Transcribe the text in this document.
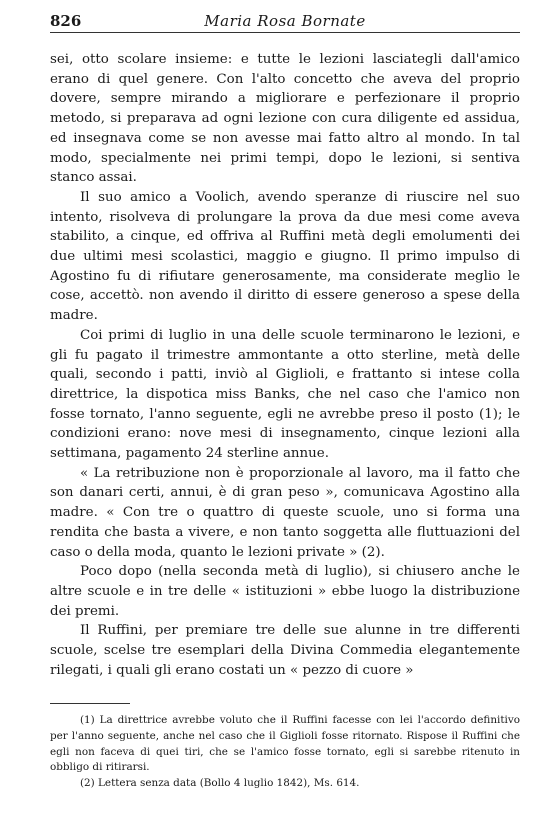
826	Maria Rosa Bornate

sei, otto scolare insieme: e tutte le lezioni lasciategli dall'amico erano di quel genere. Con l'alto concetto che aveva del proprio dovere, sempre mirando a migliorare e perfezionare il proprio metodo, si preparava ad ogni lezione con cura diligente ed assidua, ed insegnava come se non avesse mai fatto altro al mondo. In tal modo, specialmente nei primi tempi, dopo le lezioni, si sentiva stanco assai.

Il suo amico a Voolich, avendo speranze di riuscire nel suo intento, risolveva di prolungare la prova da due mesi come aveva stabilito, a cinque, ed offriva al Ruffini metà degli emolumenti dei due ultimi mesi scolastici, maggio e giugno. Il primo impulso di Agostino fu di rifiutare generosamente, ma considerate meglio le cose, accettò. non avendo il diritto di essere generoso a spese della madre.

Coi primi di luglio in una delle scuole terminarono le lezioni, e gli fu pagato il trimestre ammontante a otto sterline, metà delle quali, secondo i patti, inviò al Giglioli, e frattanto si intese colla direttrice, la dispotica miss Banks, che nel caso che l'amico non fosse tornato, l'anno seguente, egli ne avrebbe preso il posto (1); le condizioni erano: nove mesi di insegnamento, cinque lezioni alla settimana, pagamento 24 sterline annue.

« La retribuzione non è proporzionale al lavoro, ma il fatto che son danari certi, annui, è di gran peso », comunicava Agostino alla madre. « Con tre o quattro di queste scuole, uno si forma una rendita che basta a vivere, e non tanto soggetta alle fluttuazioni del caso o della moda, quanto le lezioni private » (2).

Poco dopo (nella seconda metà di luglio), si chiusero anche le altre scuole e in tre delle « istituzioni » ebbe luogo la distribuzione dei premi.

Il Ruffini, per premiare tre delle sue alunne in tre differenti scuole, scelse tre esemplari della Divina Commedia elegantemente rilegati, i quali gli erano costati un « pezzo di cuore »

(1) La direttrice avrebbe voluto che il Ruffini facesse con lei l'accordo definitivo per l'anno seguente, anche nel caso che il Giglioli fosse ritornato. Rispose il Ruffini che egli non faceva di quei tiri, che se l'amico fosse tornato, egli si sarebbe ritenuto in obbligo di ritirarsi.

(2) Lettera senza data (Bollo 4 luglio 1842), Ms. 614.
